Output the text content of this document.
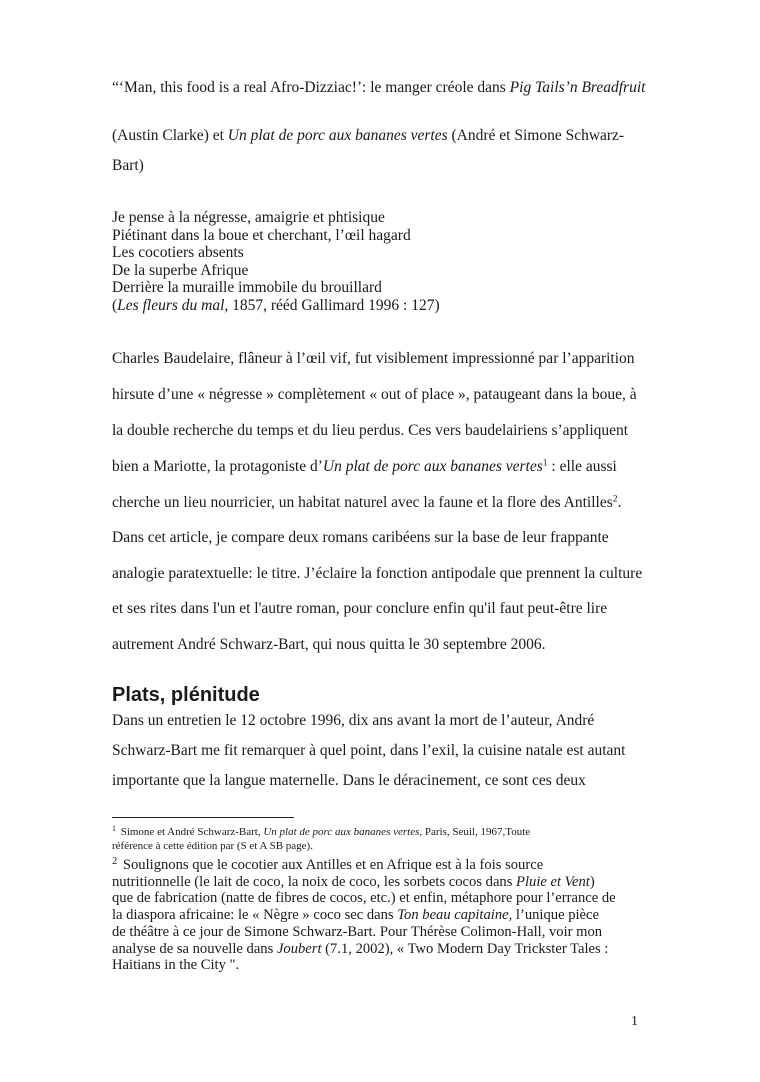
“‘Man, this food is a real Afro-Dizziac!’: le manger créole dans Pig Tails’n Breadfruit
(Austin Clarke) et Un plat de porc aux bananes vertes (André et Simone Schwarz-
Bart)
Je pense à la négresse, amaigrie et phtisique
Piétinant dans la boue et cherchant, l’œil hagard
Les cocotiers absents
De la superbe Afrique
Derrière la muraille immobile du brouillard
(Les fleurs du mal, 1857, rééd Gallimard 1996 : 127)
Charles Baudelaire, flâneur à l’œil vif, fut visiblement impressionné par l’apparition
hirsute d’une « négresse » complètement « out of place », pataugeant dans la boue, à
la double recherche du temps et du lieu perdus. Ces vers baudelairiens s’appliquent
bien a Mariotte, la protagoniste d’Un plat de porc aux bananes vertes$^1$ : elle aussi
cherche un lieu nourricier, un habitat naturel avec la faune et la flore des Antilles$^2$.
Dans cet article, je compare deux romans caribéens sur la base de leur frappante
analogie paratextuelle: le titre. J’éclaire la fonction antipodale que prennent la culture
et ses rites dans l'un et l'autre roman, pour conclure enfin qu'il faut peut-être lire
autrement André Schwarz-Bart, qui nous quitta le 30 septembre 2006.
Plats, plénitude
Dans un entretien le 12 octobre 1996, dix ans avant la mort de l’auteur, André
Schwarz-Bart me fit remarquer à quel point, dans l’exil, la cuisine natale est autant
importante que la langue maternelle. Dans le déracinement, ce sont ces deux
$^1$ Simone et André Schwarz-Bart, Un plat de porc aux bananes vertes, Paris, Seuil, 1967,Toute
référence à cette édition par (S et A SB page).
$^2$ Soulignons que le cocotier aux Antilles et en Afrique est à la fois source
nutritionnelle (le lait de coco, la noix de coco, les sorbets cocos dans Pluie et Vent)
que de fabrication (natte de fibres de cocos, etc.) et enfin, métaphore pour l’errance de
la diaspora africaine: le « Nègre » coco sec dans Ton beau capitaine, l’unique pièce
de théâtre à ce jour de Simone Schwarz-Bart. Pour Thérèse Colimon-Hall, voir mon
analyse de sa nouvelle dans Joubert (7.1, 2002), « Two Modern Day Trickster Tales :
Haitians in the City ".
1
